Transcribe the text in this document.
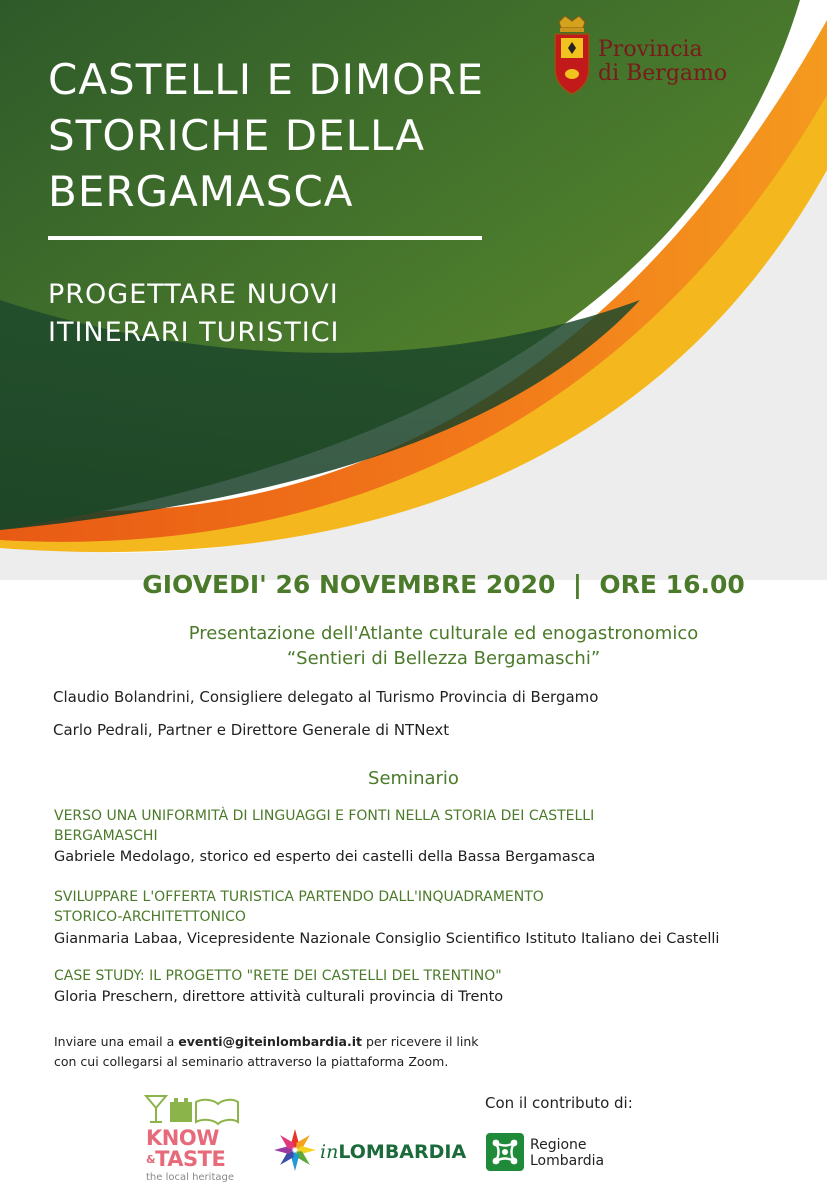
CASTELLI E DIMORE
STORICHE DELLA
BERGAMASCA
PROGETTARE NUOVI
ITINERARI TURISTICI
Provincia
di Bergamo
GIOVEDI' 26 NOVEMBRE 2020  |  ORE 16.00
Presentazione dell'Atlante culturale ed enogastronomico
“Sentieri di Bellezza Bergamaschi”
Claudio Bolandrini, Consigliere delegato al Turismo Provincia di Bergamo
Carlo Pedrali, Partner e Direttore Generale di NTNext
Seminario
VERSO UNA UNIFORMITÀ DI LINGUAGGI E FONTI NELLA STORIA DEI CASTELLI
BERGAMASCHI
Gabriele Medolago, storico ed esperto dei castelli della Bassa Bergamasca
SVILUPPARE L'OFFERTA TURISTICA PARTENDO DALL'INQUADRAMENTO
STORICO-ARCHITETTONICO
Gianmaria Labaa, Vicepresidente Nazionale Consiglio Scientifico Istituto Italiano dei Castelli
CASE STUDY: IL PROGETTO "RETE DEI CASTELLI DEL TRENTINO"
Gloria Preschern, direttore attività culturali provincia di Trento
Inviare una email a eventi@giteinlombardia.it per ricevere il link
con cui collegarsi al seminario attraverso la piattaforma Zoom.
Con il contributo di:
KNOW
&TASTE
the local heritage
inLOMBARDIA	Regione
Lombardia
